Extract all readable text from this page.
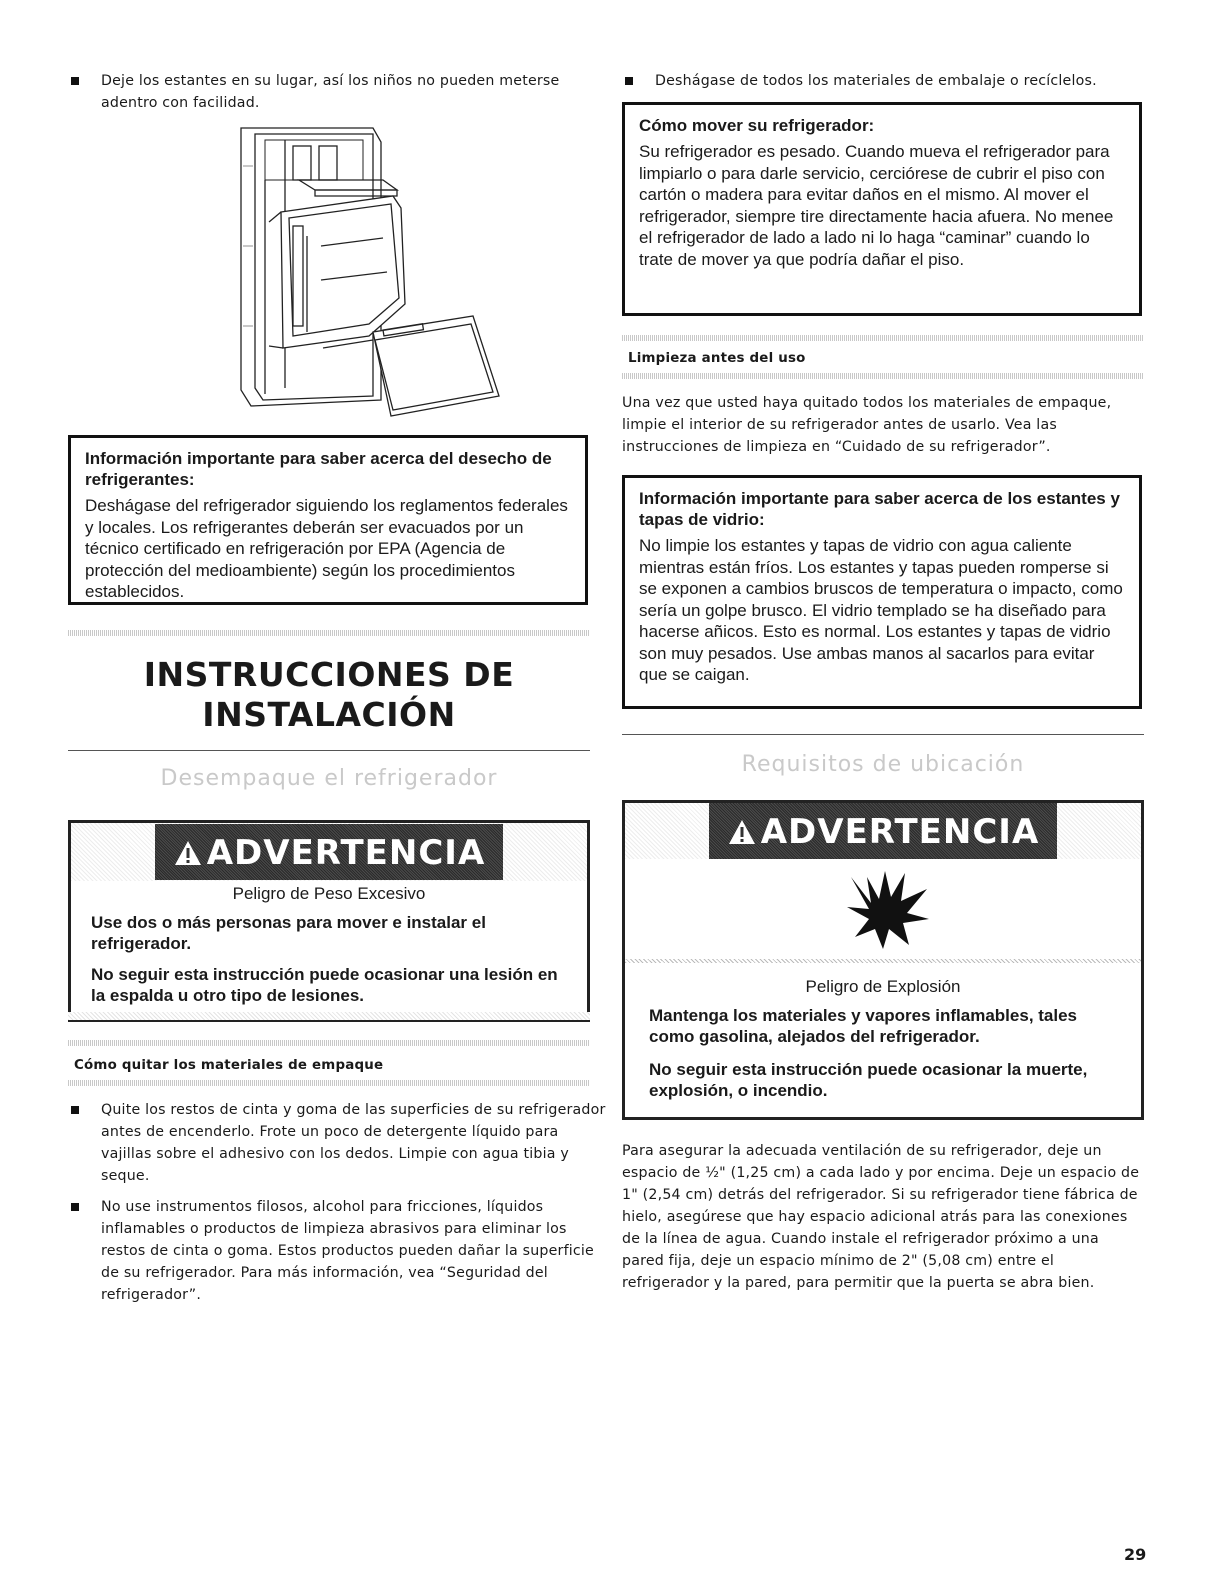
Deje los estantes en su lugar, así los niños no pueden meterse adentro con facilidad.
Información importante para saber acerca del desecho de refrigerantes:
Deshágase del refrigerador siguiendo los reglamentos federales y locales. Los refrigerantes deberán ser evacuados por un técnico certificado en refrigeración por EPA (Agencia de protección del medioambiente) según los procedimientos establecidos.
INSTRUCCIONES DE
INSTALACIÓN
Desempaque el refrigerador
ADVERTENCIA
Peligro de Peso Excesivo
Use dos o más personas para mover e instalar el refrigerador.
No seguir esta instrucción puede ocasionar una lesión en la espalda u otro tipo de lesiones.
Cómo quitar los materiales de empaque
Quite los restos de cinta y goma de las superficies de su refrigerador antes de encenderlo. Frote un poco de detergente líquido para vajillas sobre el adhesivo con los dedos. Limpie con agua tibia y seque.
No use instrumentos filosos, alcohol para fricciones, líquidos inflamables o productos de limpieza abrasivos para eliminar los restos de cinta o goma. Estos productos pueden dañar la superficie de su refrigerador. Para más información, vea “Seguridad del refrigerador”.
Deshágase de todos los materiales de embalaje o recíclelos.
Cómo mover su refrigerador:
Su refrigerador es pesado. Cuando mueva el refrigerador para limpiarlo o para darle servicio, cerciórese de cubrir el piso con cartón o madera para evitar daños en el mismo. Al mover el refrigerador, siempre tire directamente hacia afuera. No menee el refrigerador de lado a lado ni lo haga “caminar” cuando lo trate de mover ya que podría dañar el piso.
Limpieza antes del uso
Una vez que usted haya quitado todos los materiales de empaque, limpie el interior de su refrigerador antes de usarlo. Vea las instrucciones de limpieza en “Cuidado de su refrigerador”.
Información importante para saber acerca de los estantes y tapas de vidrio:
No limpie los estantes y tapas de vidrio con agua caliente mientras están fríos. Los estantes y tapas pueden romperse si se exponen a cambios bruscos de temperatura o impacto, como sería un golpe brusco. El vidrio templado se ha diseñado para hacerse añicos. Esto es normal. Los estantes y tapas de vidrio son muy pesados. Use ambas manos al sacarlos para evitar que se caigan.
Requisitos de ubicación
ADVERTENCIA
Peligro de Explosión
Mantenga los materiales y vapores inflamables, tales como gasolina, alejados del refrigerador.
No seguir esta instrucción puede ocasionar la muerte, explosión, o incendio.
Para asegurar la adecuada ventilación de su refrigerador, deje un espacio de ½" (1,25 cm) a cada lado y por encima. Deje un espacio de 1" (2,54 cm) detrás del refrigerador. Si su refrigerador tiene fábrica de hielo, asegúrese que hay espacio adicional atrás para las conexiones de la línea de agua. Cuando instale el refrigerador próximo a una pared fija, deje un espacio mínimo de 2" (5,08 cm) entre el refrigerador y la pared, para permitir que la puerta se abra bien.
29
